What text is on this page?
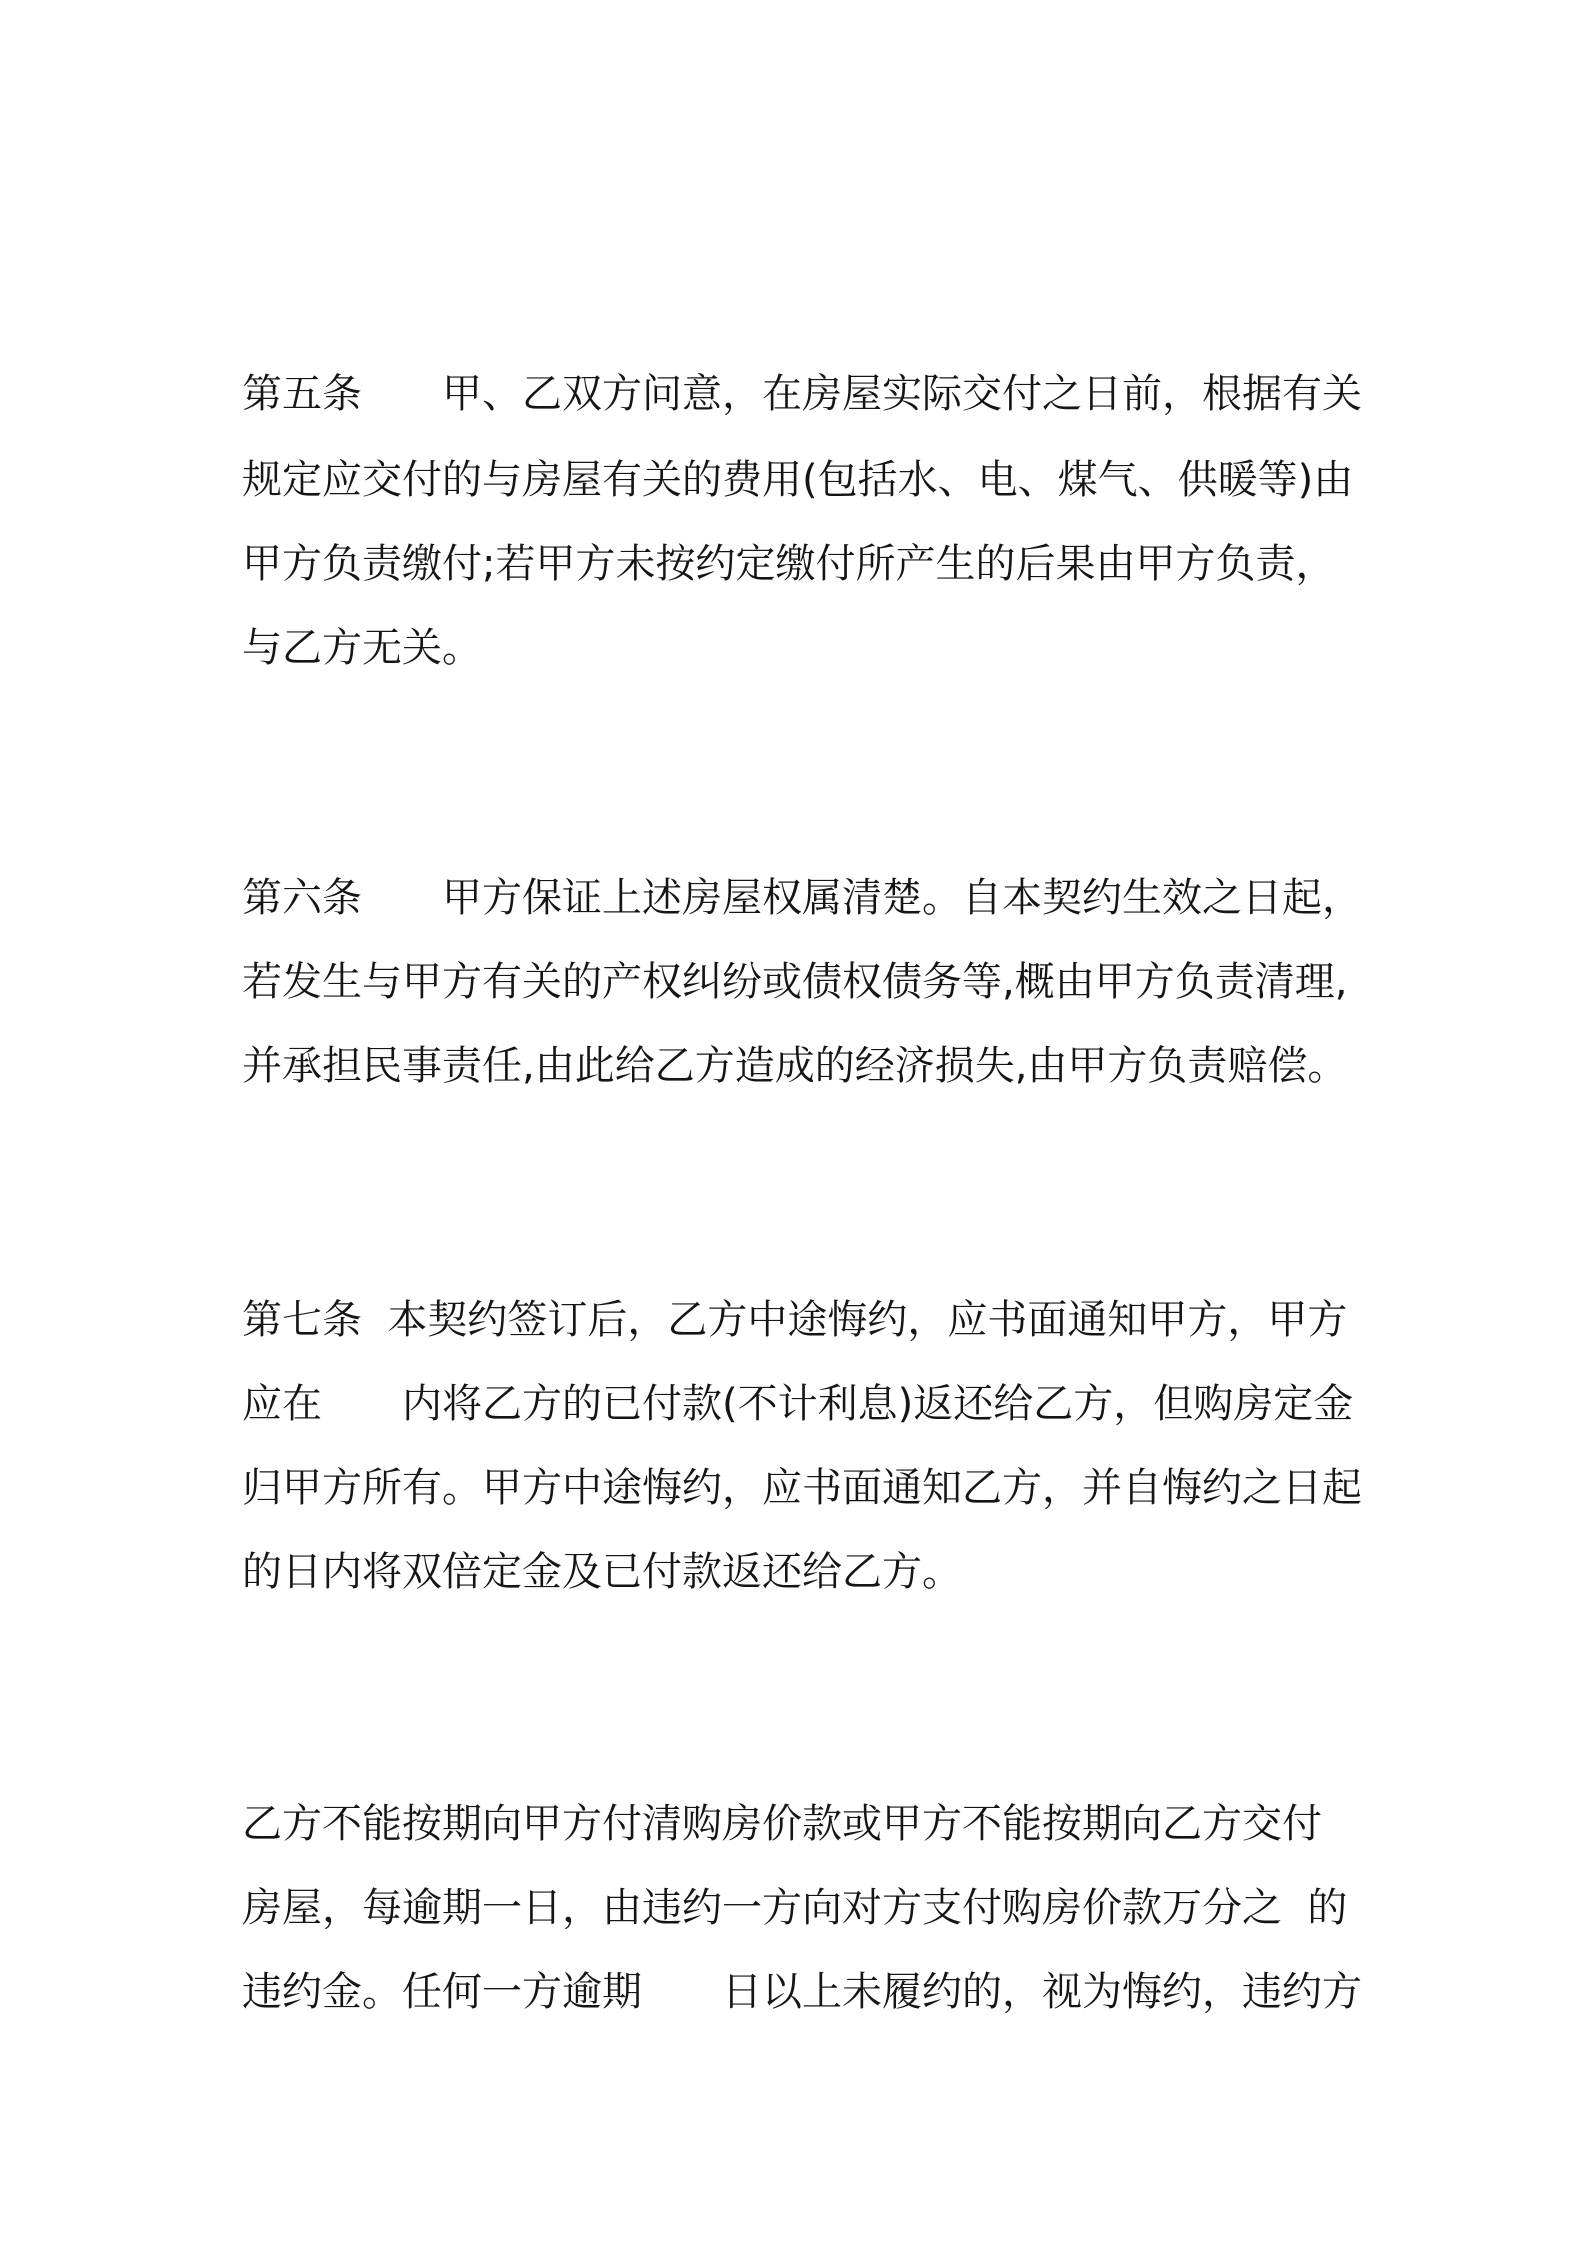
第五条　　甲、乙双方问意，在房屋实际交付之日前，根据有关
规定应交付的与房屋有关的费用(包括水、电、煤气、供暖等)由
甲方负责缴付;若甲方未按约定缴付所产生的后果由甲方负责，
与乙方无关。
第六条　　甲方保证上述房屋权属清楚。自本契约生效之日起，
若发生与甲方有关的产权纠纷或债权债务等,概由甲方负责清理,
并承担民事责任,由此给乙方造成的经济损失,由甲方负责赔偿。
第七条  本契约签订后，乙方中途悔约，应书面通知甲方，甲方
应在　　内将乙方的已付款(不计利息)返还给乙方，但购房定金
归甲方所有。甲方中途悔约，应书面通知乙方，并自悔约之日起
的日内将双倍定金及已付款返还给乙方。
乙方不能按期向甲方付清购房价款或甲方不能按期向乙方交付
房屋，每逾期一日，由违约一方向对方支付购房价款万分之  的
违约金。任何一方逾期　　日以上未履约的，视为悔约，违约方
